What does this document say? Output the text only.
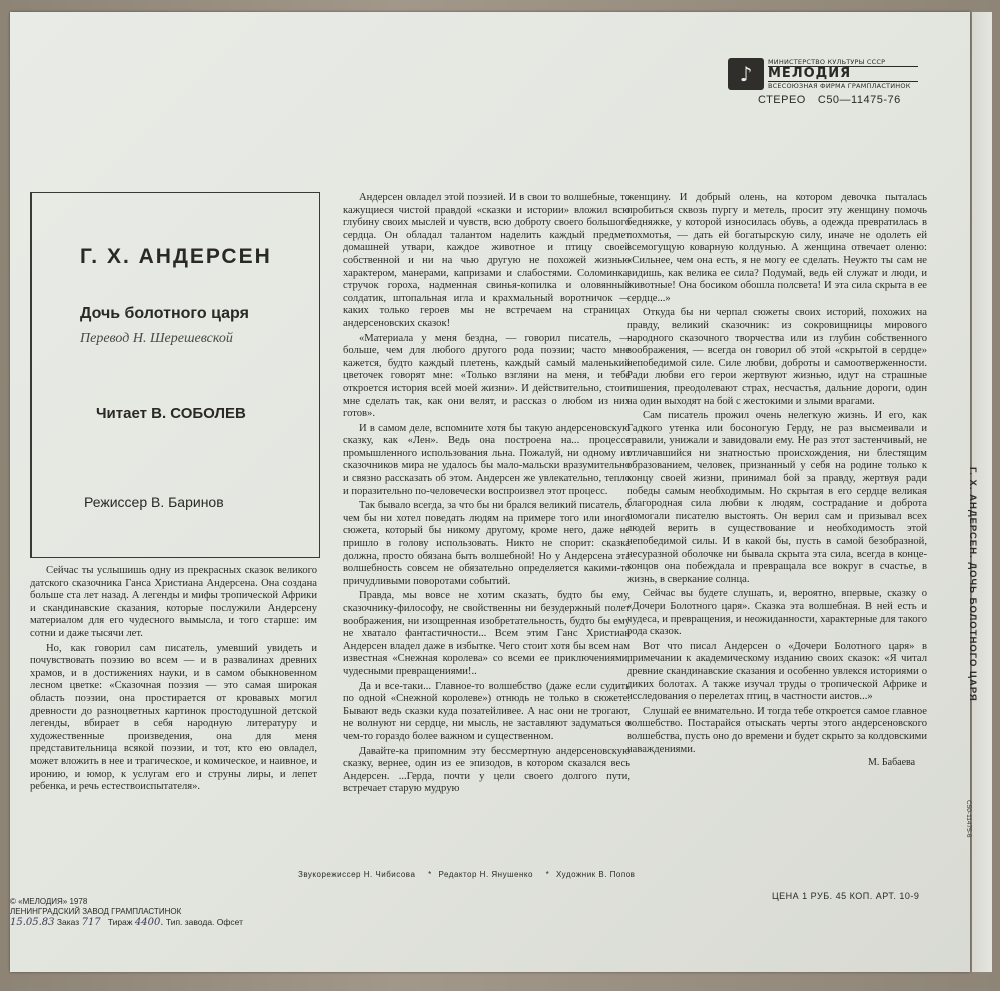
♪	МИНИСТЕРСТВО КУЛЬТУРЫ СССР
МЕЛОДИЯ
ВСЕСОЮЗНАЯ ФИРМА ГРАМПЛАСТИНОК
СТЕРЕО С50—11475-76
Г. Х. АНДЕРСЕН
Дочь болотного царя
Перевод Н. Шерешевской
Читает В. СОБОЛЕВ
Режиссер В. Баринов

Сейчас ты услышишь одну из прекрасных сказок великого датского сказочника Ганса Христиана Андерсена. Она создана больше ста лет назад. А легенды и мифы тропической Африки и скандинавские сказания, которые послужили Андерсену материалом для его чудесного вымысла, и того старше: им сотни и даже тысячи лет.

Но, как говорил сам писатель, умевший увидеть и почувствовать поэзию во всем — и в развалинах древних храмов, и в достижениях науки, и в самом обыкновенном лесном цветке: «Сказочная поэзия — это самая широкая область поэзии, она простирается от кровавых могил древности до разноцветных картинок простодушной детской легенды, вбирает в себя народную литературу и художественные произведения, она для меня представительница всякой поэзии, и тот, кто ею овладел, может вложить в нее и трагическое, и комическое, и наивное, и иронию, и юмор, к услугам его и струны лиры, и лепет ребенка, и речь естествоиспытателя».

Андерсен овладел этой поэзией. И в свои то волшебные, то кажущиеся чистой правдой «сказки и истории» вложил всю глубину своих мыслей и чувств, всю доброту своего большого сердца. Он обладал талантом наделить каждый предмет домашней утвари, каждое животное и птицу своей собственной и ни на чью другую не похожей жизнью характером, манерами, капризами и слабостями. Соломинка, стручок гороха, надменная свинья-копилка и оловянный солдатик, штопальная игла и крахмальный воротничок — каких только героев мы не встречаем на страницах андерсеновских сказок!

«Материала у меня бездна, — говорил писатель, — больше, чем для любого другого рода поэзии; часто мне кажется, будто каждый плетень, каждый самый маленький цветочек говорят мне: «Только взгляни на меня, и тебе откроется история всей моей жизни». И действительно, стоит мне сделать так, как они велят, и рассказ о любом из них готов».

И в самом деле, вспомните хотя бы такую андерсеновскую сказку, как «Лен». Ведь она построена на... процессе промышленного использования льна. Пожалуй, ни одному из сказочников мира не удалось бы мало-мальски вразумительно и связно рассказать об этом. Андерсен же увлекательно, тепло и поразительно по-человечески воспроизвел этот процесс.

Так бывало всегда, за что бы ни брался великий писатель, о чем бы ни хотел поведать людям на примере того или иного сюжета, который бы никому другому, кроме него, даже не пришло в голову использовать. Никто не спорит: сказка должна, просто обязана быть волшебной! Но у Андерсена эта волшебность совсем не обязательно определяется какими-то причудливыми поворотами событий.

Правда, мы вовсе не хотим сказать, будто бы ему, сказочнику-философу, не свойственны ни безудержный полет воображения, ни изощренная изобретательность, будто бы ему не хватало фантастичности... Всем этим Ганс Христиан Андерсен владел даже в избытке. Чего стоит хотя бы всем нам известная «Снежная королева» со всеми ее приключениями, чудесными превращениями!..

Да и все-таки... Главное-то волшебство (даже если судить по одной «Снежной королеве») отнюдь не только в сюжете. Бывают ведь сказки куда позатейливее. А нас они не трогают, не волнуют ни сердце, ни мысль, не заставляют задуматься о чем-то гораздо более важном и существенном.

Давайте-ка припомним эту бессмертную андерсеновскую сказку, вернее, один из ее эпизодов, в котором сказался весь Андерсен. ...Герда, почти у цели своего долгого пути, встречает старую мудрую

женщину. И добрый олень, на котором девочка пыталась пробиться сквозь пургу и метель, просит эту женщину помочь бедняжке, у которой износилась обувь, а одежда превратилась в лохмотья, — дать ей богатырскую силу, иначе не одолеть ей всемогущую коварную колдунью. А женщина отвечает оленю: «Сильнее, чем она есть, я не могу ее сделать. Неужто ты сам не видишь, как велика ее сила? Подумай, ведь ей служат и люди, и животные! Она босиком обошла полсвета! И эта сила скрыта в ее сердце...»

Откуда бы ни черпал сюжеты своих историй, похожих на правду, великий сказочник: из сокровищницы мирового народного сказочного творчества или из глубин собственного воображения, — всегда он говорил об этой «скрытой в сердце» непобедимой силе. Силе любви, доброты и самоотверженности. Ради любви его герои жертвуют жизнью, идут на страшные лишения, преодолевают страх, несчастья, дальние дороги, один на один выходят на бой с жестокими и злыми врагами.

Сам писатель прожил очень нелегкую жизнь. И его, как Гадкого утенка или босоногую Герду, не раз высмеивали и травили, унижали и завидовали ему. Не раз этот застенчивый, не отличавшийся ни знатностью происхождения, ни блестящим образованием, человек, признанный у себя на родине только к концу своей жизни, принимал бой за правду, жертвуя ради победы самым необходимым. Но скрытая в его сердце великая благородная сила любви к людям, сострадание и доброта помогали писателю выстоять. Он верил сам и призывал всех людей верить в существование и необходимость этой непобедимой силы. И в какой бы, пусть в самой безобразной, несуразной оболочке ни бывала скрыта эта сила, всегда в конце-концов она побеждала и превращала все вокруг в счастье, в жизнь, в сверкание солнца.

Сейчас вы будете слушать, и, вероятно, впервые, сказку о «Дочери Болотного царя». Сказка эта волшебная. В ней есть и чудеса, и превращения, и неожиданности, характерные для такого рода сказок.

Вот что писал Андерсен о «Дочери Болотного царя» в примечании к академическому изданию своих сказок: «Я читал древние скандинавские сказания и особенно увлекся историями о диких болотах. А также изучал труды о тропической Африке и исследования о перелетах птиц, в частности аистов...»

Слушай ее внимательно. И тогда тебе откроется самое главное волшебство. Постарайся отыскать черты этого андерсеновского волшебства, пусть оно до времени и будет скрыто за колдовскими наваждениями.

М. Бабаева
Звукорежиссер Н. Чибисова * Редактор Н. Янушенко * Художник В. Попов
© «МЕЛОДИЯ» 1978
ЛЕНИНГРАДСКИЙ ЗАВОД ГРАМПЛАСТИНОК
15.05.83 Заказ 717 Тираж 4400. Тип. завода. Офсет
ЦЕНА 1 РУБ. 45 КОП. АРТ. 10-9
Г. Х. АНДЕРСЕН. ДОЧЬ БОЛОТНОГО ЦАРЯ
С50-11475-6
